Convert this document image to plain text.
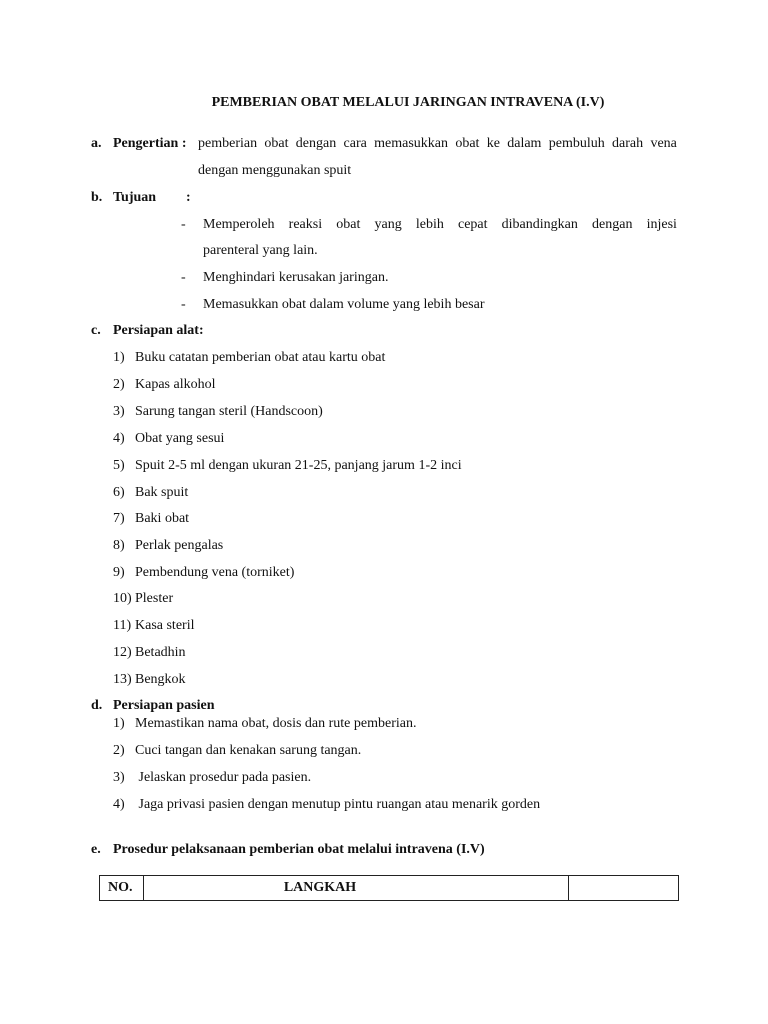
PEMBERIAN OBAT MELALUI JARINGAN INTRAVENA (I.V)
a. Pengertian : pemberian obat dengan cara memasukkan obat ke dalam pembuluh darah vena
dengan menggunakan spuit
b. Tujuan :
- Memperoleh reaksi obat yang lebih cepat dibandingkan dengan injesi
parenteral yang lain.
- Menghindari kerusakan jaringan.
- Memasukkan obat dalam volume yang lebih besar
c. Persiapan alat:
1) Buku catatan pemberian obat atau kartu obat
2) Kapas alkohol
3) Sarung tangan steril (Handscoon)
4) Obat yang sesui
5) Spuit 2-5 ml dengan ukuran 21-25, panjang jarum 1-2 inci
6) Bak spuit
7) Baki obat
8) Perlak pengalas
9) Pembendung vena (torniket)
10) Plester
11) Kasa steril
12) Betadhin
13) Bengkok
d. Persiapan pasien
1) Memastikan nama obat, dosis dan rute pemberian.
2) Cuci tangan dan kenakan sarung tangan.
3) Jelaskan prosedur pada pasien.
4) Jaga privasi pasien dengan menutup pintu ruangan atau menarik gorden
e. Prosedur pelaksanaan pemberian obat melalui intravena (I.V)
NO.	LANGKAH	
